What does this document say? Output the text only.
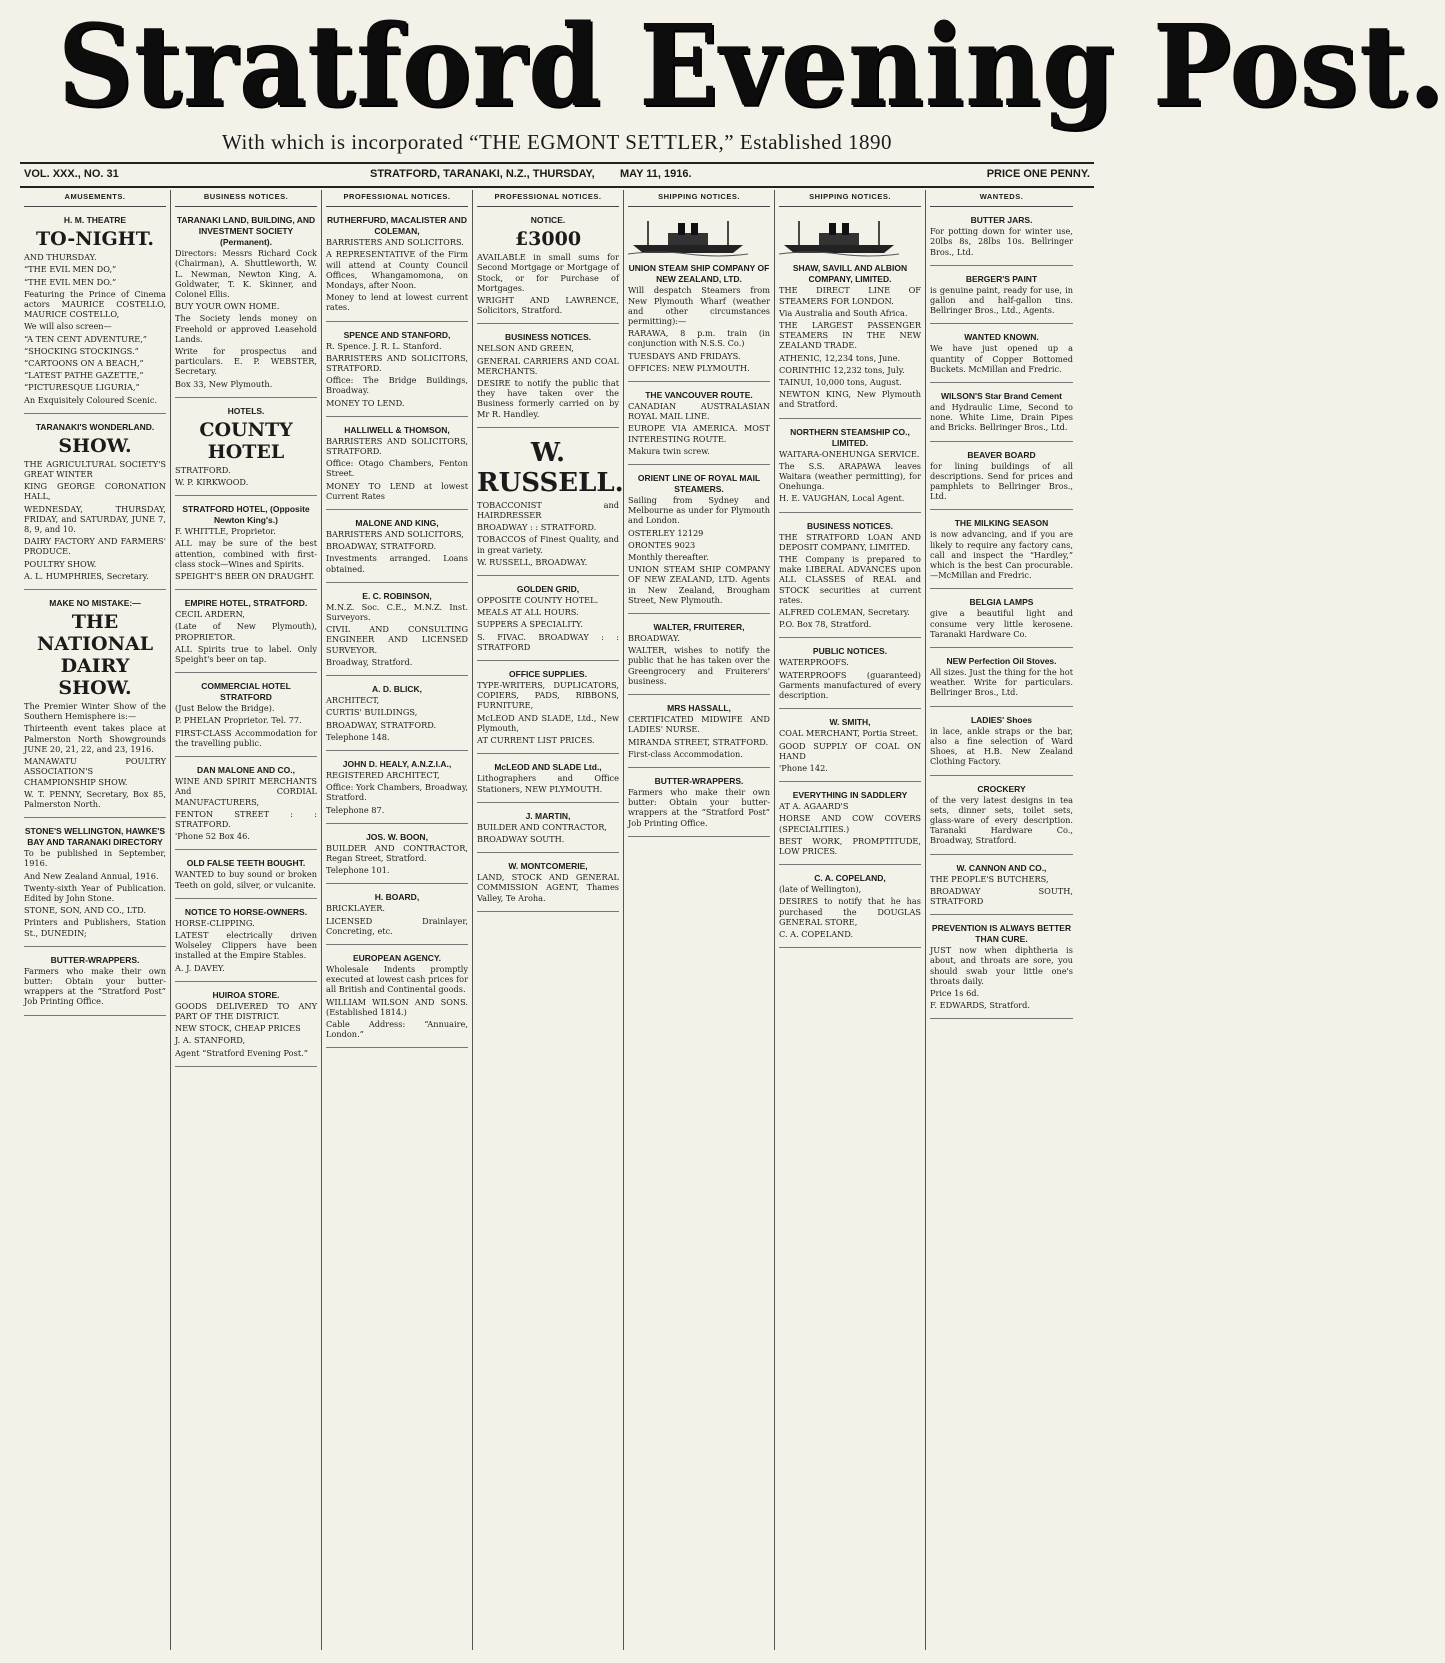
Stratford Evening Post.
With which is incorporated “THE EGMONT SETTLER,” Established 1890
VOL. XXX., NO. 31	STRATFORD, TARANAKI, N.Z., THURSDAY, MAY 11, 1916.	PRICE ONE PENNY.
AMUSEMENTS.
H. M. THEATRE
TO-NIGHT.

AND THURSDAY.

“THE EVIL MEN DO,”

“THE EVIL MEN DO.”

Featuring the Prince of Cinema actors MAURICE COSTELLO, MAURICE COSTELLO,

We will also screen—

“A TEN CENT ADVENTURE,”

“SHOCKING STOCKINGS.”

“CARTOONS ON A BEACH,”

“LATEST PATHE GAZETTE,”

“PICTURESQUE LIGURIA,”

An Exquisitely Coloured Scenic.

TARANAKI'S WONDERLAND.
SHOW.

THE AGRICULTURAL SOCIETY'S GREAT WINTER

KING GEORGE CORONATION HALL,

WEDNESDAY, THURSDAY, FRIDAY, and SATURDAY, JUNE 7, 8, 9, and 10.

DAIRY FACTORY AND FARMERS' PRODUCE.

POULTRY SHOW.

A. L. HUMPHRIES, Secretary.

MAKE NO MISTAKE:—
THE NATIONAL DAIRY SHOW.

The Premier Winter Show of the Southern Hemisphere is:—

Thirteenth event takes place at Palmerston North Showgrounds JUNE 20, 21, 22, and 23, 1916.

MANAWATU POULTRY ASSOCIATION'S CHAMPIONSHIP SHOW.

W. T. PENNY, Secretary, Box 85, Palmerston North.

STONE'S WELLINGTON, HAWKE'S BAY AND TARANAKI DIRECTORY

To be published in September, 1916.

And New Zealand Annual, 1916.

Twenty-sixth Year of Publication. Edited by John Stone.

STONE, SON, AND CO., LTD.

Printers and Publishers, Station St., DUNEDIN;

BUTTER-WRAPPERS.

Farmers who make their own butter: Obtain your butter-wrappers at the “Stratford Post” Job Printing Office.

BUSINESS NOTICES.
TARANAKI LAND, BUILDING, AND INVESTMENT SOCIETY (Permanent).

Directors: Messrs Richard Cock (Chairman), A. Shuttleworth, W. L. Newman, Newton King, A. Goldwater, T. K. Skinner, and Colonel Ellis.

BUY YOUR OWN HOME.

The Society lends money on Freehold or approved Leasehold Lands.

Write for prospectus and particulars. E. P. WEBSTER, Secretary.

Box 33, New Plymouth.

HOTELS.
COUNTY HOTEL

STRATFORD.

W. P. KIRKWOOD.

STRATFORD HOTEL, (Opposite Newton King's.)

F. WHITTLE, Proprietor.

ALL may be sure of the best attention, combined with first-class stock—Wines and Spirits.

SPEIGHT'S BEER ON DRAUGHT.

EMPIRE HOTEL, STRATFORD.

CECIL ARDERN,

(Late of New Plymouth), PROPRIETOR.

ALL Spirits true to label. Only Speight's beer on tap.

COMMERCIAL HOTEL STRATFORD

(Just Below the Bridge).

P. PHELAN Proprietor. Tel. 77.

FIRST-CLASS Accommodation for the travelling public.

DAN MALONE AND CO.,

WINE AND SPIRIT MERCHANTS And CORDIAL MANUFACTURERS,

FENTON STREET : : STRATFORD.

'Phone 52 Box 46.

OLD FALSE TEETH BOUGHT.

WANTED to buy sound or broken Teeth on gold, silver, or vulcanite.

NOTICE TO HORSE-OWNERS.

HORSE-CLIPPING.

LATEST electrically driven Wolseley Clippers have been installed at the Empire Stables.

A. J. DAVEY.

HUIROA STORE.

GOODS DELIVERED TO ANY PART OF THE DISTRICT.

NEW STOCK, CHEAP PRICES

J. A. STANFORD,

Agent “Stratford Evening Post.”

PROFESSIONAL NOTICES.
RUTHERFURD, MACALISTER AND COLEMAN,

BARRISTERS AND SOLICITORS.

A REPRESENTATIVE of the Firm will attend at County Council Offices, Whangamomona, on Mondays, after Noon.

Money to lend at lowest current rates.

SPENCE AND STANFORD,

R. Spence. J. R. L. Stanford.

BARRISTERS AND SOLICITORS, STRATFORD.

Office: The Bridge Buildings, Broadway.

MONEY TO LEND.

HALLIWELL & THOMSON,

BARRISTERS AND SOLICITORS, STRATFORD.

Office: Otago Chambers, Fenton Street.

MONEY TO LEND at lowest Current Rates

MALONE AND KING,

BARRISTERS AND SOLICITORS,

BROADWAY, STRATFORD.

Investments arranged. Loans obtained.

E. C. ROBINSON,

M.N.Z. Soc. C.E., M.N.Z. Inst. Surveyors.

CIVIL AND CONSULTING ENGINEER AND LICENSED SURVEYOR.

Broadway, Stratford.

A. D. BLICK,

ARCHITECT,

CURTIS' BUILDINGS,

BROADWAY, STRATFORD.

Telephone 148.

JOHN D. HEALY, A.N.Z.I.A.,

REGISTERED ARCHITECT,

Office: York Chambers, Broadway, Stratford.

Telephone 87.

JOS. W. BOON,

BUILDER AND CONTRACTOR, Regan Street, Stratford.

Telephone 101.

H. BOARD,

BRICKLAYER.

LICENSED Drainlayer, Concreting, etc.

EUROPEAN AGENCY.

Wholesale Indents promptly executed at lowest cash prices for all British and Continental goods.

WILLIAM WILSON AND SONS. (Established 1814.)

Cable Address: “Annuaire, London.”

PROFESSIONAL NOTICES.
NOTICE.
£3000

AVAILABLE in small sums for Second Mortgage or Mortgage of Stock, or for Purchase of Mortgages.

WRIGHT AND LAWRENCE, Solicitors, Stratford.

BUSINESS NOTICES.

NELSON AND GREEN,

GENERAL CARRIERS AND COAL MERCHANTS.

DESIRE to notify the public that they have taken over the Business formerly carried on by Mr R. Handley.

W. RUSSELL.

TOBACCONIST and HAIRDRESSER

BROADWAY : : STRATFORD.

TOBACCOS of Finest Quality, and in great variety.

W. RUSSELL, BROADWAY.

GOLDEN GRID,

OPPOSITE COUNTY HOTEL.

MEALS AT ALL HOURS.

SUPPERS A SPECIALITY.

S. FIVAC. BROADWAY : : STRATFORD

OFFICE SUPPLIES.

TYPE-WRITERS, DUPLICATORS, COPIERS, PADS, RIBBONS, FURNITURE,

McLEOD AND SLADE, Ltd., New Plymouth,

AT CURRENT LIST PRICES.

McLEOD AND SLADE Ltd.,

Lithographers and Office Stationers, NEW PLYMOUTH.

J. MARTIN,

BUILDER AND CONTRACTOR,

BROADWAY SOUTH.

W. MONTCOMERIE,

LAND, STOCK AND GENERAL COMMISSION AGENT, Thames Valley, Te Aroha.

SHIPPING NOTICES.
UNION STEAM SHIP COMPANY OF NEW ZEALAND, LTD.

Will despatch Steamers from New Plymouth Wharf (weather and other circumstances permitting):—

RARAWA, 8 p.m. train (in conjunction with N.S.S. Co.)

TUESDAYS AND FRIDAYS.

OFFICES: NEW PLYMOUTH.

THE VANCOUVER ROUTE.

CANADIAN AUSTRALASIAN ROYAL MAIL LINE.

EUROPE VIA AMERICA. MOST INTERESTING ROUTE.

Makura twin screw.

ORIENT LINE OF ROYAL MAIL STEAMERS.

Sailing from Sydney and Melbourne as under for Plymouth and London.

OSTERLEY 12129

ORONTES 9023

Monthly thereafter.

UNION STEAM SHIP COMPANY OF NEW ZEALAND, LTD. Agents in New Zealand, Brougham Street, New Plymouth.

WALTER, FRUITERER,

BROADWAY.

WALTER, wishes to notify the public that he has taken over the Greengrocery and Fruiterers' business.

MRS HASSALL,

CERTIFICATED MIDWIFE AND LADIES' NURSE.

MIRANDA STREET, STRATFORD.

First-class Accommodation.

BUTTER-WRAPPERS.

Farmers who make their own butter: Obtain your butter-wrappers at the “Stratford Post” Job Printing Office.

SHIPPING NOTICES.
SHAW, SAVILL AND ALBION COMPANY, LIMITED.

THE DIRECT LINE OF STEAMERS FOR LONDON.

Via Australia and South Africa.

THE LARGEST PASSENGER STEAMERS IN THE NEW ZEALAND TRADE.

ATHENIC, 12,234 tons, June.

CORINTHIC 12,232 tons, July.

TAINUI, 10,000 tons, August.

NEWTON KING, New Plymouth and Stratford.

NORTHERN STEAMSHIP CO., LIMITED.

WAITARA-ONEHUNGA SERVICE.

The S.S. ARAPAWA leaves Waitara (weather permitting), for Onehunga.

H. E. VAUGHAN, Local Agent.

BUSINESS NOTICES.

THE STRATFORD LOAN AND DEPOSIT COMPANY, LIMITED.

THE Company is prepared to make LIBERAL ADVANCES upon ALL CLASSES of REAL and STOCK securities at current rates.

ALFRED COLEMAN, Secretary.

P.O. Box 78, Stratford.

PUBLIC NOTICES.

WATERPROOFS.

WATERPROOFS (guaranteed) Garments manufactured of every description.

W. SMITH,

COAL MERCHANT, Portia Street.

GOOD SUPPLY OF COAL ON HAND

'Phone 142.

EVERYTHING IN SADDLERY

AT A. AGAARD'S

HORSE AND COW COVERS (SPECIALITIES.)

BEST WORK, PROMPTITUDE, LOW PRICES.

C. A. COPELAND,

(late of Wellington),

DESIRES to notify that he has purchased the DOUGLAS GENERAL STORE,

C. A. COPELAND.

WANTEDS.
BUTTER JARS.

For potting down for winter use, 20lbs 8s, 28lbs 10s. Bellringer Bros., Ltd.

BERGER'S PAINT

is genuine paint, ready for use, in gallon and half-gallon tins. Bellringer Bros., Ltd., Agents.

WANTED KNOWN.

We have just opened up a quantity of Copper Bottomed Buckets. McMillan and Fredric.

WILSON'S Star Brand Cement

and Hydraulic Lime, Second to none. White Lime, Drain Pipes and Bricks. Bellringer Bros., Ltd.

BEAVER BOARD

for lining buildings of all descriptions. Send for prices and pamphlets to Bellringer Bros., Ltd.

THE MILKING SEASON

is now advancing, and if you are likely to require any factory cans, call and inspect the “Hardley,” which is the best Can procurable.—McMillan and Fredric.

BELGIA LAMPS

give a beautiful light and consume very little kerosene. Taranaki Hardware Co.

NEW Perfection Oil Stoves.

All sizes. Just the thing for the hot weather. Write for particulars. Bellringer Bros., Ltd.

LADIES' Shoes

in lace, ankle straps or the bar, also a fine selection of Ward Shoes, at H.B. New Zealand Clothing Factory.

CROCKERY

of the very latest designs in tea sets, dinner sets, toilet sets, glass-ware of every description. Taranaki Hardware Co., Broadway, Stratford.

W. CANNON AND CO.,

THE PEOPLE'S BUTCHERS,

BROADWAY SOUTH, STRATFORD

PREVENTION IS ALWAYS BETTER THAN CURE.

JUST now when diphtheria is about, and throats are sore, you should swab your little one's throats daily.

Price 1s 6d.

F. EDWARDS, Stratford.
